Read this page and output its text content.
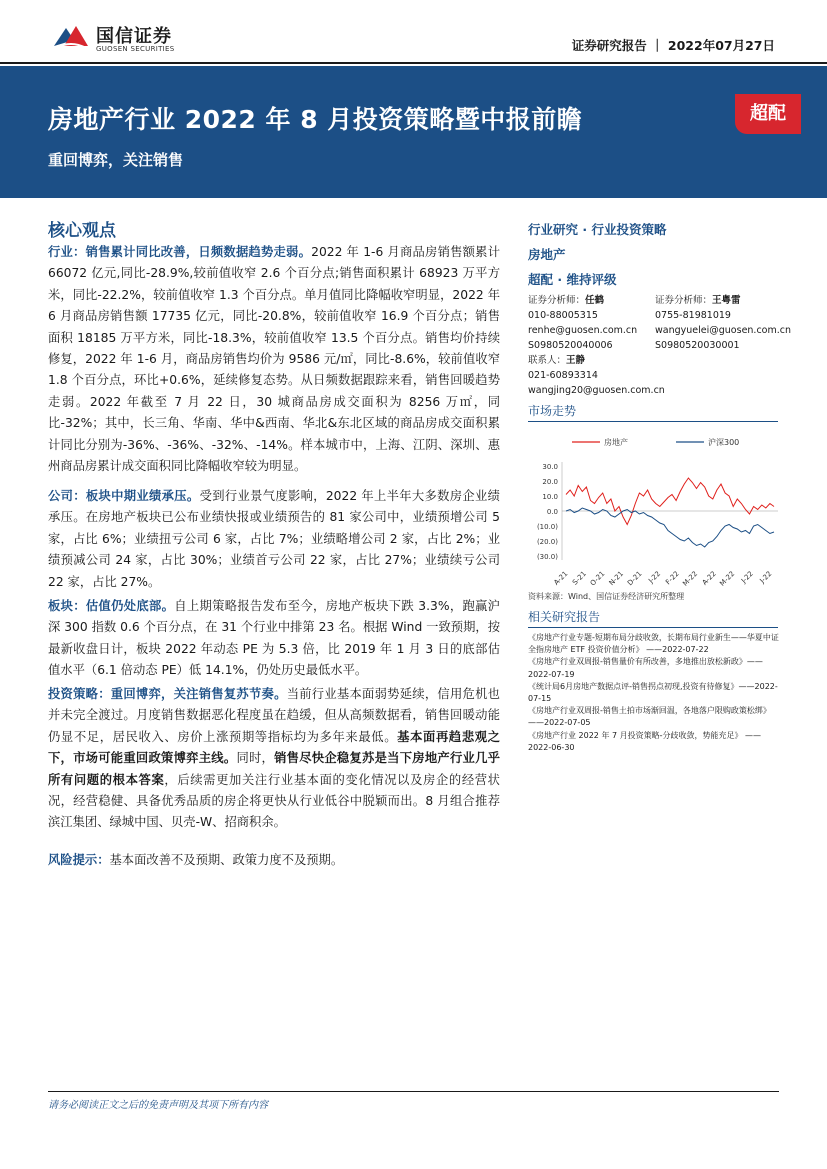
国信证券
GUOSEN SECURITIES	证券研究报告 ｜ 2022年07月27日
房地产行业 2022 年 8 月投资策略暨中报前瞻
重回博弈，关注销售
超配
核心观点
行业：销售累计同比改善，日频数据趋势走弱。2022 年 1-6 月商品房销售额累计 66072 亿元,同比-28.9%,较前值收窄 2.6 个百分点;销售面积累计 68923 万平方米，同比-22.2%，较前值收窄 1.3 个百分点。单月值同比降幅收窄明显，2022 年 6 月商品房销售额 17735 亿元，同比-20.8%，较前值收窄 16.9 个百分点；销售面积 18185 万平方米，同比-18.3%，较前值收窄 13.5 个百分点。销售均价持续修复，2022 年 1-6 月，商品房销售均价为 9586 元/㎡，同比-8.6%，较前值收窄 1.8 个百分点，环比+0.6%，延续修复态势。从日频数据跟踪来看，销售回暖趋势走弱。2022 年截至 7 月 22 日，30 城商品房成交面积为 8256 万㎡，同比-32%；其中，长三角、华南、华中&西南、华北&东北区域的商品房成交面积累计同比分别为-36%、-36%、-32%、-14%。样本城市中，上海、江阴、深圳、惠州商品房累计成交面积同比降幅收窄较为明显。
公司：板块中期业绩承压。受到行业景气度影响，2022 年上半年大多数房企业绩承压。在房地产板块已公布业绩快报或业绩预告的 81 家公司中，业绩预增公司 5 家，占比 6%；业绩扭亏公司 6 家，占比 7%；业绩略增公司 2 家，占比 2%；业绩预减公司 24 家，占比 30%；业绩首亏公司 22 家，占比 27%；业绩续亏公司 22 家，占比 27%。
板块：估值仍处底部。自上期策略报告发布至今，房地产板块下跌 3.3%，跑赢沪深 300 指数 0.6 个百分点，在 31 个行业中排第 23 名。根据 Wind 一致预期，按最新收盘日计，板块 2022 年动态 PE 为 5.3 倍，比 2019 年 1 月 3 日的底部估值水平（6.1 倍动态 PE）低 14.1%，仍处历史最低水平。
投资策略：重回博弈，关注销售复苏节奏。当前行业基本面弱势延续，信用危机也并未完全渡过。月度销售数据恶化程度虽在趋缓，但从高频数据看，销售回暖动能仍显不足，居民收入、房价上涨预期等指标均为多年来最低。基本面再趋悲观之下，市场可能重回政策博弈主线。同时，销售尽快企稳复苏是当下房地产行业几乎所有问题的根本答案，后续需更加关注行业基本面的变化情况以及房企的经营状况，经营稳健、具备优秀品质的房企将更快从行业低谷中脱颖而出。8 月组合推荐滨江集团、绿城中国、贝壳-W、招商积余。
风险提示：基本面改善不及预期、政策力度不及预期。
行业研究 · 行业投资策略
房地产
超配 · 维持评级
证券分析师：任鹤
010-88005315
renhe@guosen.com.cn
S0980520040006
证券分析师：王粤雷
0755-81981019
wangyuelei@guosen.com.cn
S0980520030001
联系人：王静
021-60893314
wangjing20@guosen.com.cn
市场走势
房地产	沪深300
30.0
20.0
10.0
0.0
(10.0)
(20.0)
(30.0)
A-21 S-21 O-21 N-21 D-21 J-22 F-22 M-22 A-22 M-22 J-22 J-22
资料来源：Wind、国信证券经济研究所整理
相关研究报告

《房地产行业专题-短期布局分歧收敛，长期布局行业新生——华夏中证全指房地产 ETF 投资价值分析》 ——2022-07-22

《房地产行业双周报-销售量价有所改善，多地推出放松新政》——2022-07-19

《统计局6月房地产数据点评-销售拐点初现,投资有待修复》——2022-07-15

《房地产行业双周报-销售土拍市场渐回温，各地落户限购政策松绑》 ——2022-07-05

《房地产行业 2022 年 7 月投资策略-分歧收敛，势能充足》 ——2022-06-30

请务必阅读正文之后的免责声明及其项下所有内容
